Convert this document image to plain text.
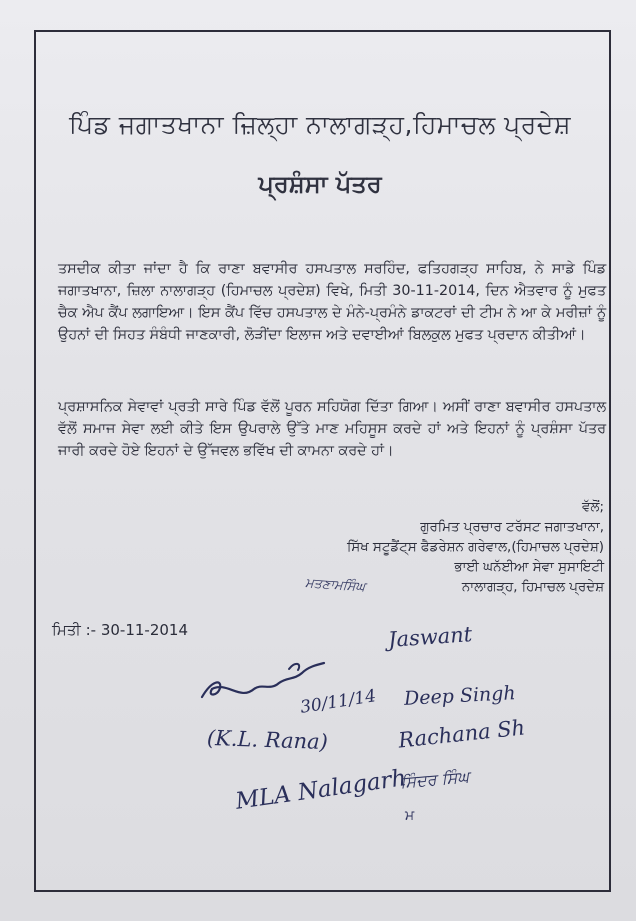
ਪਿੰਡ ਜਗਾਤਖਾਨਾ ਜ਼ਿਲ੍ਹਾ ਨਾਲਾਗੜ੍ਹ,ਹਿਮਾਚਲ ਪ੍ਰਦੇਸ਼
ਪ੍ਰਸ਼ੰਸਾ ਪੱਤਰ
ਤਸਦੀਕ ਕੀਤਾ ਜਾਂਦਾ ਹੈ ਕਿ ਰਾਣਾ ਬਵਾਸੀਰ ਹਸਪਤਾਲ ਸਰਹਿੰਦ, ਫਤਿਹਗੜ੍ਹ ਸਾਹਿਬ, ਨੇ ਸਾਡੇ ਪਿੰਡ ਜਗਾਤਖਾਨਾ, ਜ਼ਿਲਾ ਨਾਲਾਗੜ੍ਹ (ਹਿਮਾਚਲ ਪ੍ਰਦੇਸ਼) ਵਿਖੇ, ਮਿਤੀ 30-11-2014, ਦਿਨ ਐਤਵਾਰ ਨੂੰ ਮੁਫਤ ਚੈਕ ਐਪ ਕੈਂਪ ਲਗਾਇਆ। ਇਸ ਕੈਂਪ ਵਿੱਚ ਹਸਪਤਾਲ ਦੇ ਮੰਨੇ-ਪ੍ਰਮੰਨੇ ਡਾਕਟਰਾਂ ਦੀ ਟੀਮ ਨੇ ਆ ਕੇ ਮਰੀਜ਼ਾਂ ਨੂੰ ਉਹਨਾਂ ਦੀ ਸਿਹਤ ਸੰਬੰਧੀ ਜਾਣਕਾਰੀ, ਲੋੜੀਂਦਾ ਇਲਾਜ ਅਤੇ ਦਵਾਈਆਂ ਬਿਲਕੁਲ ਮੁਫਤ ਪ੍ਰਦਾਨ ਕੀਤੀਆਂ।
ਪ੍ਰਸ਼ਾਸਨਿਕ ਸੇਵਾਵਾਂ ਪ੍ਰਤੀ ਸਾਰੇ ਪਿੰਡ ਵੱਲੋਂ ਪੂਰਨ ਸਹਿਯੋਗ ਦਿੱਤਾ ਗਿਆ। ਅਸੀਂ ਰਾਣਾ ਬਵਾਸੀਰ ਹਸਪਤਾਲ ਵੱਲੋਂ ਸਮਾਜ ਸੇਵਾ ਲਈ ਕੀਤੇ ਇਸ ਉਪਰਾਲੇ ਉੱਤੇ ਮਾਣ ਮਹਿਸੂਸ ਕਰਦੇ ਹਾਂ ਅਤੇ ਇਹਨਾਂ ਨੂੰ ਪ੍ਰਸ਼ੰਸਾ ਪੱਤਰ ਜਾਰੀ ਕਰਦੇ ਹੋਏ ਇਹਨਾਂ ਦੇ ਉੱਜਵਲ ਭਵਿੱਖ ਦੀ ਕਾਮਨਾ ਕਰਦੇ ਹਾਂ।
ਵੱਲੋਂ;
ਗੁਰਮਿਤ ਪ੍ਰਚਾਰ ਟਰੱਸਟ ਜਗਾਤਖਾਨਾ,
ਸਿੱਖ ਸਟੂਡੈਂਟ੍ਸ ਫੈਡਰੇਸ਼ਨ ਗਰੇਵਾਲ,(ਹਿਮਾਚਲ ਪ੍ਰਦੇਸ਼)
ਭਾਈ ਘਨੱਈਆ ਸੇਵਾ ਸੁਸਾਇਟੀ
ਨਾਲਾਗੜ੍ਹ, ਹਿਮਾਚਲ ਪ੍ਰਦੇਸ਼
ਮਿਤੀ :- 30-11-2014
ਮਤਣਾਮਸਿੰਘ
Jaswant
30/11/14 Deep Singh
(K.L. Rana)	Rachana Sh
MLA Nalagarh
ਸਿੰਦਰ ਸਿੰਘ
ਮ
